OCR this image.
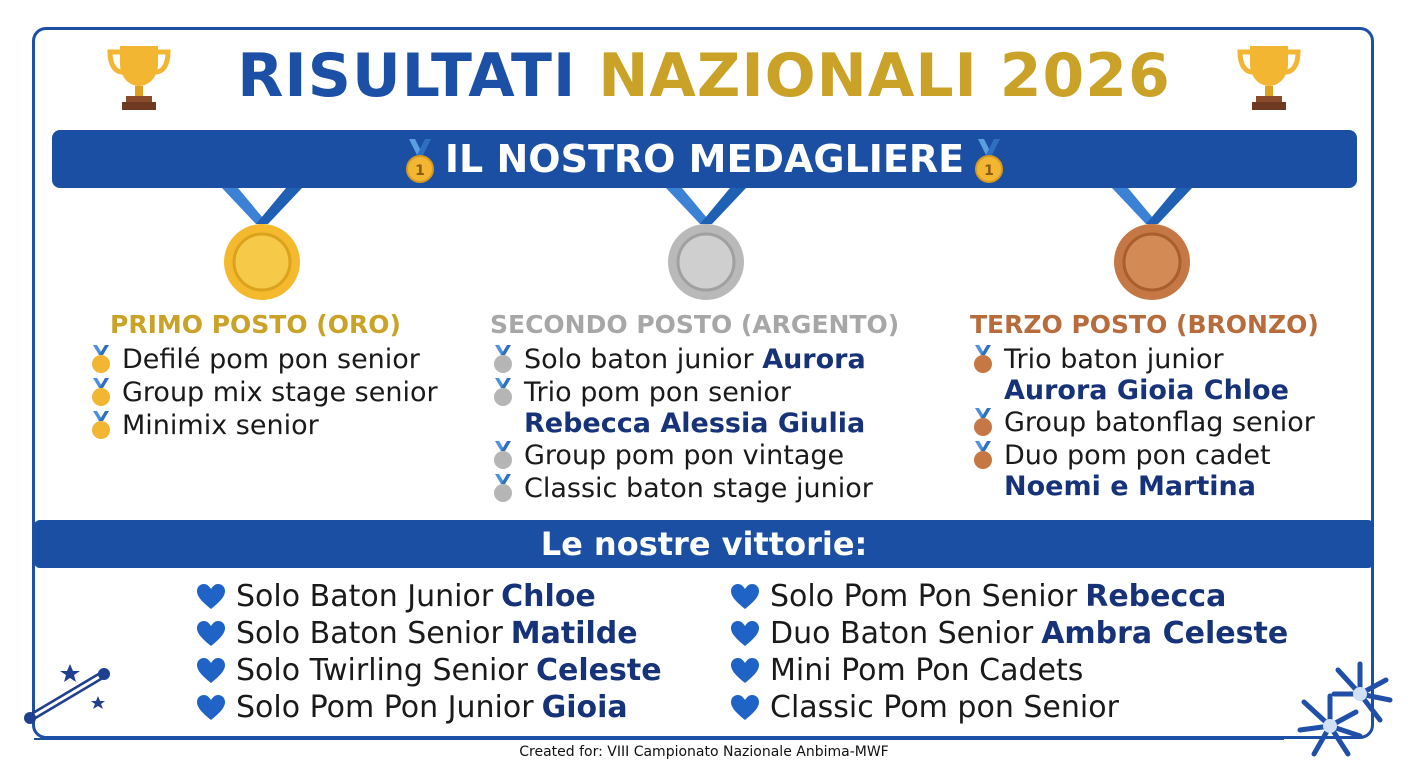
RISULTATI NAZIONALI 2026
1 IL NOSTRO MEDAGLIERE 1
PRIMO POSTO (ORO)
Defilé pom pon senior
Group mix stage senior
Minimix senior
SECONDO POSTO (ARGENTO)
Solo baton junior Aurora
Trio pom pon senior
Rebecca Alessia Giulia
Group pom pon vintage
Classic baton stage junior
TERZO POSTO (BRONZO)
Trio baton junior
Aurora Gioia Chloe
Group batonflag senior
Duo pom pon cadet
Noemi e Martina
Le nostre vittorie:
Solo Baton Junior Chloe
Solo Baton Senior Matilde
Solo Twirling Senior Celeste
Solo Pom Pon Junior Gioia
Solo Pom Pon Senior Rebecca
Duo Baton Senior Ambra Celeste
Mini Pom Pon Cadets
Classic Pom pon Senior
Created for: VIII Campionato Nazionale Anbima-MWF
